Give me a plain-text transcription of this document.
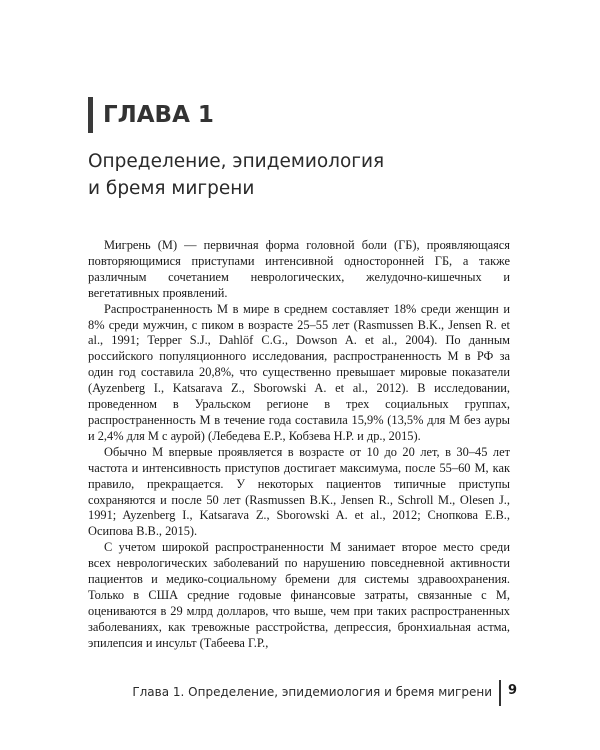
ГЛАВА 1
Определение, эпидемиология
и бремя мигрени

Мигрень (М) — первичная форма головной боли (ГБ), проявляющаяся повторяющимися приступами интенсивной односторонней ГБ, а также различным сочетанием неврологических, желудочно-кишечных и вегетативных проявлений.

Распространенность М в мире в среднем составляет 18% среди женщин и 8% среди мужчин, с пиком в возрасте 25–55 лет (Rasmussen B.K., Jensen R. et al., 1991; Tepper S.J., Dahlöf C.G., Dowson A. et al., 2004). По данным российского популяционного исследования, распространенность М в РФ за один год составила 20,8%, что существенно превышает мировые показатели (Ayzenberg I., Katsarava Z., Sborowski A. et al., 2012). В исследовании, проведенном в Уральском регионе в трех социальных группах, распространенность М в течение года составила 15,9% (13,5% для М без ауры и 2,4% для М с аурой) (Лебедева Е.Р., Кобзева Н.Р. и др., 2015).

Обычно М впервые проявляется в возрасте от 10 до 20 лет, в 30–45 лет частота и интенсивность приступов достигает максимума, после 55–60 М, как правило, прекращается. У некоторых пациентов типичные приступы сохраняются и после 50 лет (Rasmussen B.K., Jensen R., Schroll M., Olesen J., 1991; Ayzenberg I., Katsarava Z., Sborowski A. et al., 2012; Снопкова Е.В., Осипова В.В., 2015).

С учетом широкой распространенности М занимает второе место среди всех неврологических заболеваний по нарушению повседневной активности пациентов и медико-социальному бремени для системы здравоохранения. Только в США средние годовые финансовые затраты, связанные с М, оцениваются в 29 млрд долларов, что выше, чем при таких распространенных заболеваниях, как тревожные расстройства, депрессия, бронхиальная астма, эпилепсия и инсульт (Табеева Г.Р.,

Глава 1. Определение, эпидемиология и бремя мигрени 9
